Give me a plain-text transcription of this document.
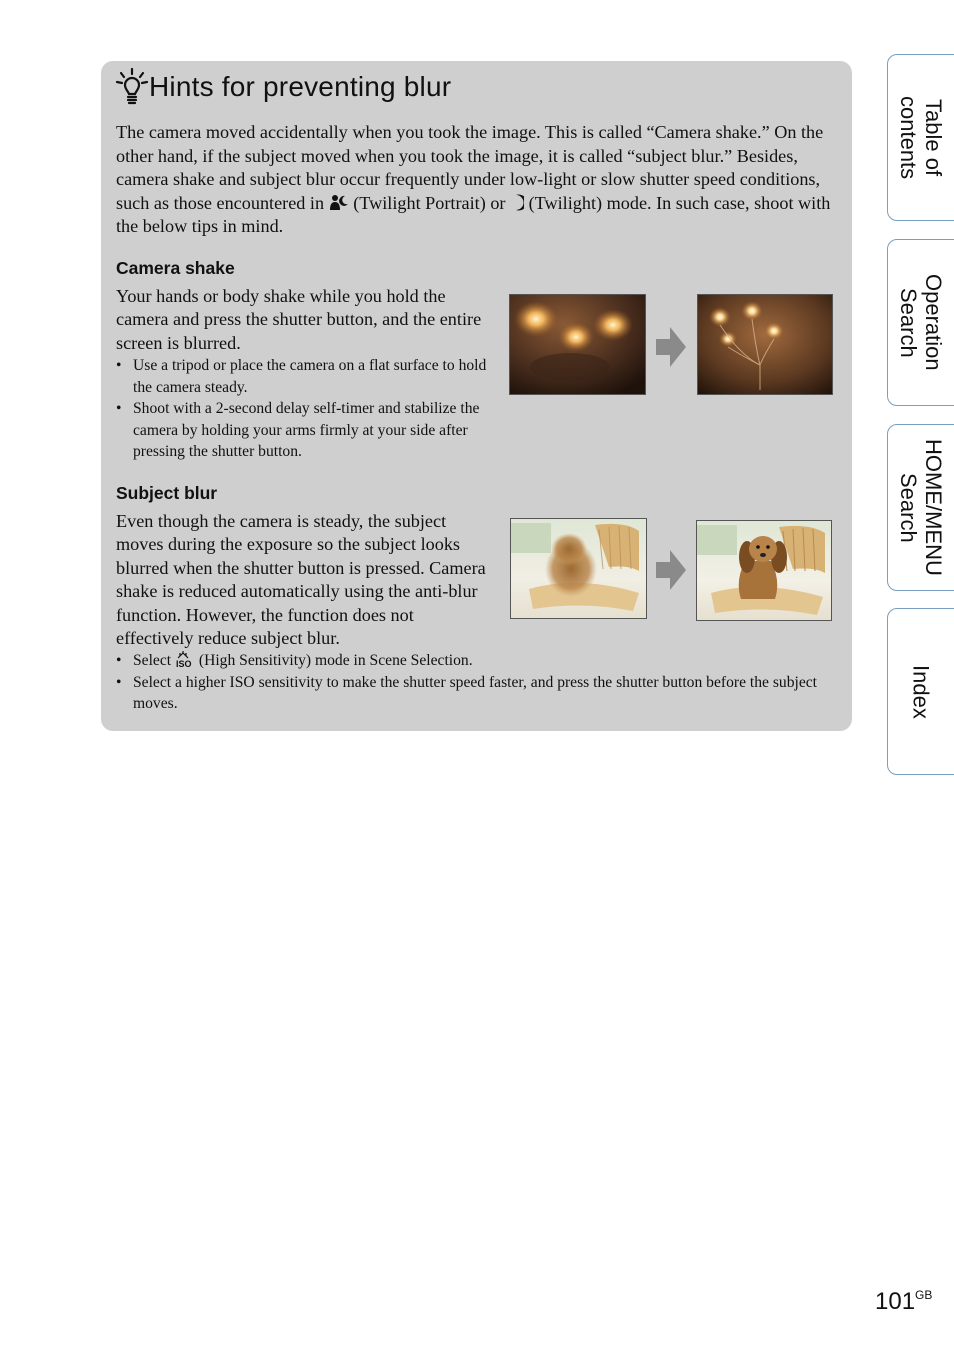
Hints for preventing blur

The camera moved accidentally when you took the image. This is called “Camera shake.” On the other hand, if the subject moved when you took the image, it is called “subject blur.” Besides, camera shake and subject blur occur frequently under low-light or slow shutter speed conditions, such as those encountered in  (Twilight Portrait) or  (Twilight) mode. In such case, shoot with the below tips in mind.

Camera shake

Your hands or body shake while you hold the camera and press the shutter button, and the entire screen is blurred.

• Use a tripod or place the camera on a flat surface to hold the camera steady.
• Shoot with a 2-second delay self-timer and stabilize the camera by holding your arms firmly at your side after pressing the shutter button.
Subject blur

Even though the camera is steady, the subject moves during the exposure so the subject looks blurred when the shutter button is pressed. Camera shake is reduced automatically using the anti-blur function. However, the function does not effectively reduce subject blur.

• Select ISO (High Sensitivity) mode in Scene Selection.
• Select a higher ISO sensitivity to make the shutter speed faster, and press the shutter button before the subject moves.
Table of
contents
Operation
Search
HOME/MENU
Search
Index
$101^{GB}$
